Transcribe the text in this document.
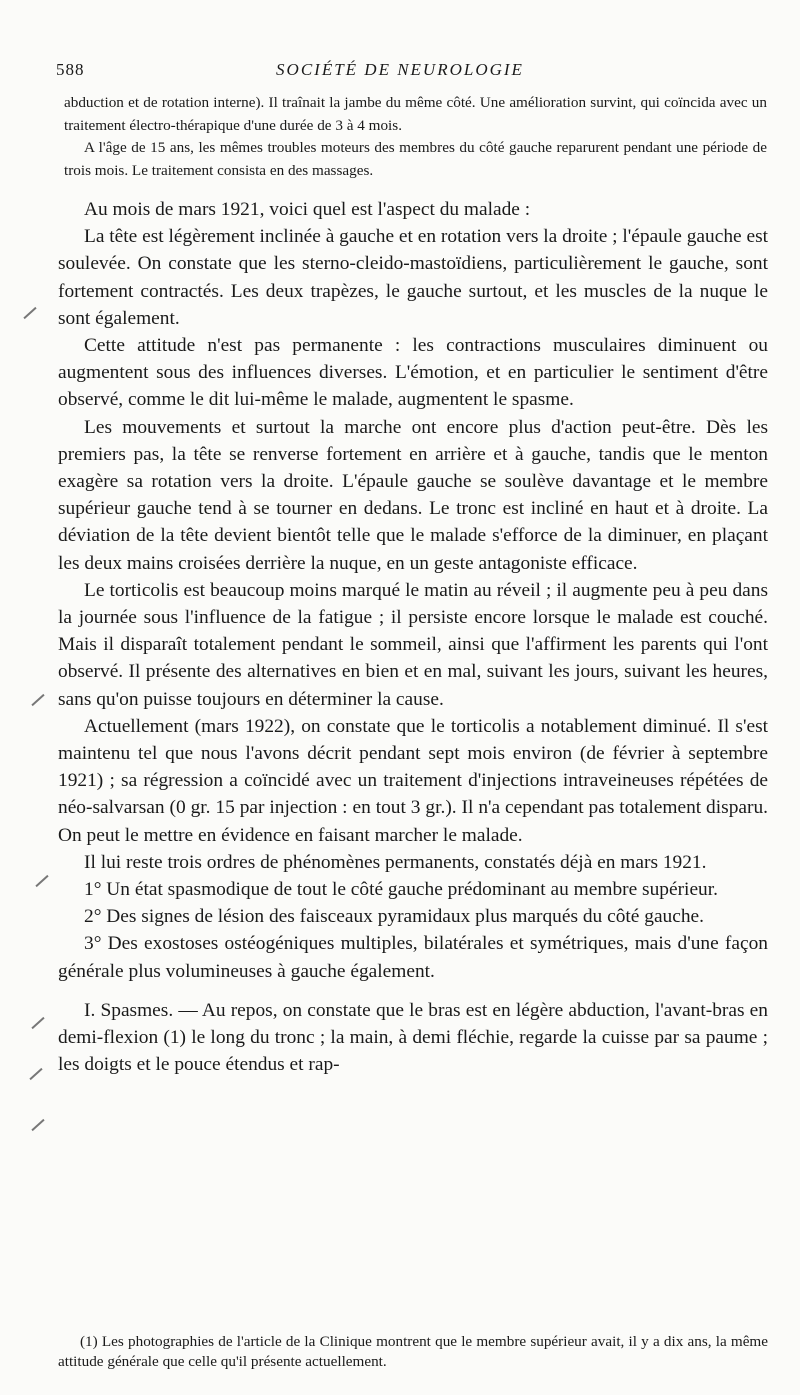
588	SOCIÉTÉ DE NEUROLOGIE

abduction et de rotation interne). Il traînait la jambe du même côté. Une amélioration survint, qui coïncida avec un traitement électro-thérapique d'une durée de 3 à 4 mois.

A l'âge de 15 ans, les mêmes troubles moteurs des membres du côté gauche reparurent pendant une période de trois mois. Le traitement consista en des massages.

Au mois de mars 1921, voici quel est l'aspect du malade :

La tête est légèrement inclinée à gauche et en rotation vers la droite ; l'épaule gauche est soulevée. On constate que les sterno-cleido-mastoïdiens, particulièrement le gauche, sont fortement contractés. Les deux trapèzes, le gauche surtout, et les muscles de la nuque le sont également.

Cette attitude n'est pas permanente : les contractions musculaires diminuent ou augmentent sous des influences diverses. L'émotion, et en particulier le sentiment d'être observé, comme le dit lui-même le malade, augmentent le spasme.

Les mouvements et surtout la marche ont encore plus d'action peut-être. Dès les premiers pas, la tête se renverse fortement en arrière et à gauche, tandis que le menton exagère sa rotation vers la droite. L'épaule gauche se soulève davantage et le membre supérieur gauche tend à se tourner en dedans. Le tronc est incliné en haut et à droite. La déviation de la tête devient bientôt telle que le malade s'efforce de la diminuer, en plaçant les deux mains croisées derrière la nuque, en un geste antagoniste efficace.

Le torticolis est beaucoup moins marqué le matin au réveil ; il augmente peu à peu dans la journée sous l'influence de la fatigue ; il persiste encore lorsque le malade est couché. Mais il disparaît totalement pendant le sommeil, ainsi que l'affirment les parents qui l'ont observé. Il présente des alternatives en bien et en mal, suivant les jours, suivant les heures, sans qu'on puisse toujours en déterminer la cause.

Actuellement (mars 1922), on constate que le torticolis a notablement diminué. Il s'est maintenu tel que nous l'avons décrit pendant sept mois environ (de février à septembre 1921) ; sa régression a coïncidé avec un traitement d'injections intraveineuses répétées de néo-salvarsan (0 gr. 15 par injection : en tout 3 gr.). Il n'a cependant pas totalement disparu. On peut le mettre en évidence en faisant marcher le malade.

Il lui reste trois ordres de phénomènes permanents, constatés déjà en mars 1921.

1° Un état spasmodique de tout le côté gauche prédominant au membre supérieur.

2° Des signes de lésion des faisceaux pyramidaux plus marqués du côté gauche.

3° Des exostoses ostéogéniques multiples, bilatérales et symétriques, mais d'une façon générale plus volumineuses à gauche également.

I. Spasmes. — Au repos, on constate que le bras est en légère abduction, l'avant-bras en demi-flexion (1) le long du tronc ; la main, à demi fléchie, regarde la cuisse par sa paume ; les doigts et le pouce étendus et rap-

(1) Les photographies de l'article de la Clinique montrent que le membre supérieur avait, il y a dix ans, la même attitude générale que celle qu'il présente actuellement.
